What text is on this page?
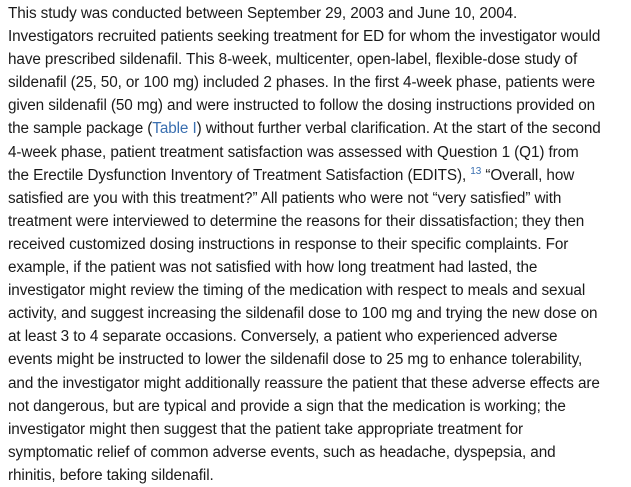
This study was conducted between September 29, 2003 and June 10, 2004.
Investigators recruited patients seeking treatment for ED for whom the investigator would
have prescribed sildenafil. This 8-week, multicenter, open-label, flexible-dose study of
sildenafil (25, 50, or 100 mg) included 2 phases. In the first 4-week phase, patients were
given sildenafil (50 mg) and were instructed to follow the dosing instructions provided on
the sample package (Table I) without further verbal clarification. At the start of the second
4-week phase, patient treatment satisfaction was assessed with Question 1 (Q1) from
the Erectile Dysfunction Inventory of Treatment Satisfaction (EDITS), $^{13}$ “Overall, how
satisfied are you with this treatment?” All patients who were not “very satisfied” with
treatment were interviewed to determine the reasons for their dissatisfaction; they then
received customized dosing instructions in response to their specific complaints. For
example, if the patient was not satisfied with how long treatment had lasted, the
investigator might review the timing of the medication with respect to meals and sexual
activity, and suggest increasing the sildenafil dose to 100 mg and trying the new dose on
at least 3 to 4 separate occasions. Conversely, a patient who experienced adverse
events might be instructed to lower the sildenafil dose to 25 mg to enhance tolerability,
and the investigator might additionally reassure the patient that these adverse effects are
not dangerous, but are typical and provide a sign that the medication is working; the
investigator might then suggest that the patient take appropriate treatment for
symptomatic relief of common adverse events, such as headache, dyspepsia, and
rhinitis, before taking sildenafil.
